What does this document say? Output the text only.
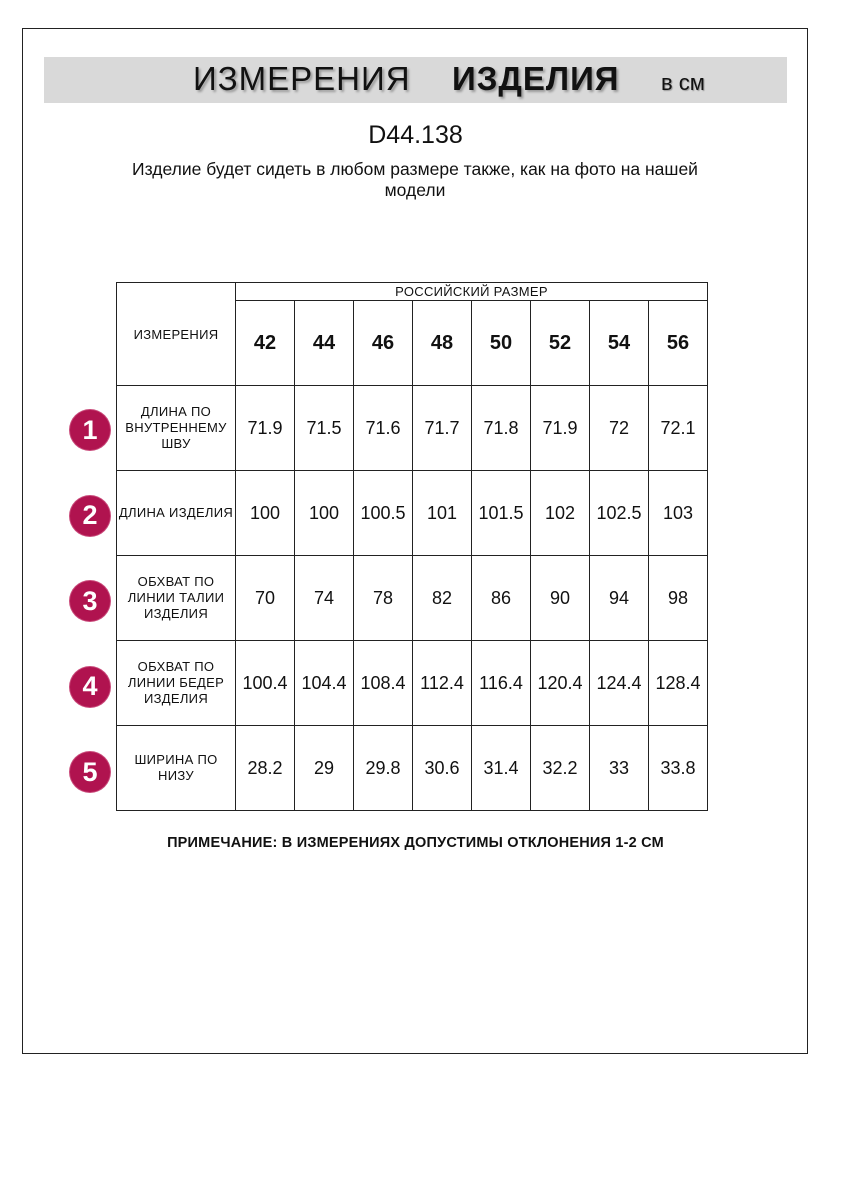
ИЗМЕРЕНИЯ ИЗДЕЛИЯ в см
D44.138
Изделие будет сидеть в любом размере также, как на фото на нашей модели
ИЗМЕРЕНИЯ	РОССИЙСКИЙ РАЗМЕР							
	42	44	46	48	50	52	54	56
ДЛИНА ПО ВНУТРЕННЕМУ ШВУ	71.9	71.5	71.6	71.7	71.8	71.9	72	72.1
ДЛИНА ИЗДЕЛИЯ	100	100	100.5	101	101.5	102	102.5	103
ОБХВАТ ПО ЛИНИИ ТАЛИИ ИЗДЕЛИЯ	70	74	78	82	86	90	94	98
ОБХВАТ ПО ЛИНИИ БЕДЕР ИЗДЕЛИЯ	100.4	104.4	108.4	112.4	116.4	120.4	124.4	128.4
ШИРИНА ПО НИЗУ	28.2	29	29.8	30.6	31.4	32.2	33	33.8
1
2
3
4
5
ПРИМЕЧАНИЕ: В ИЗМЕРЕНИЯХ ДОПУСТИМЫ ОТКЛОНЕНИЯ 1-2 СМ
